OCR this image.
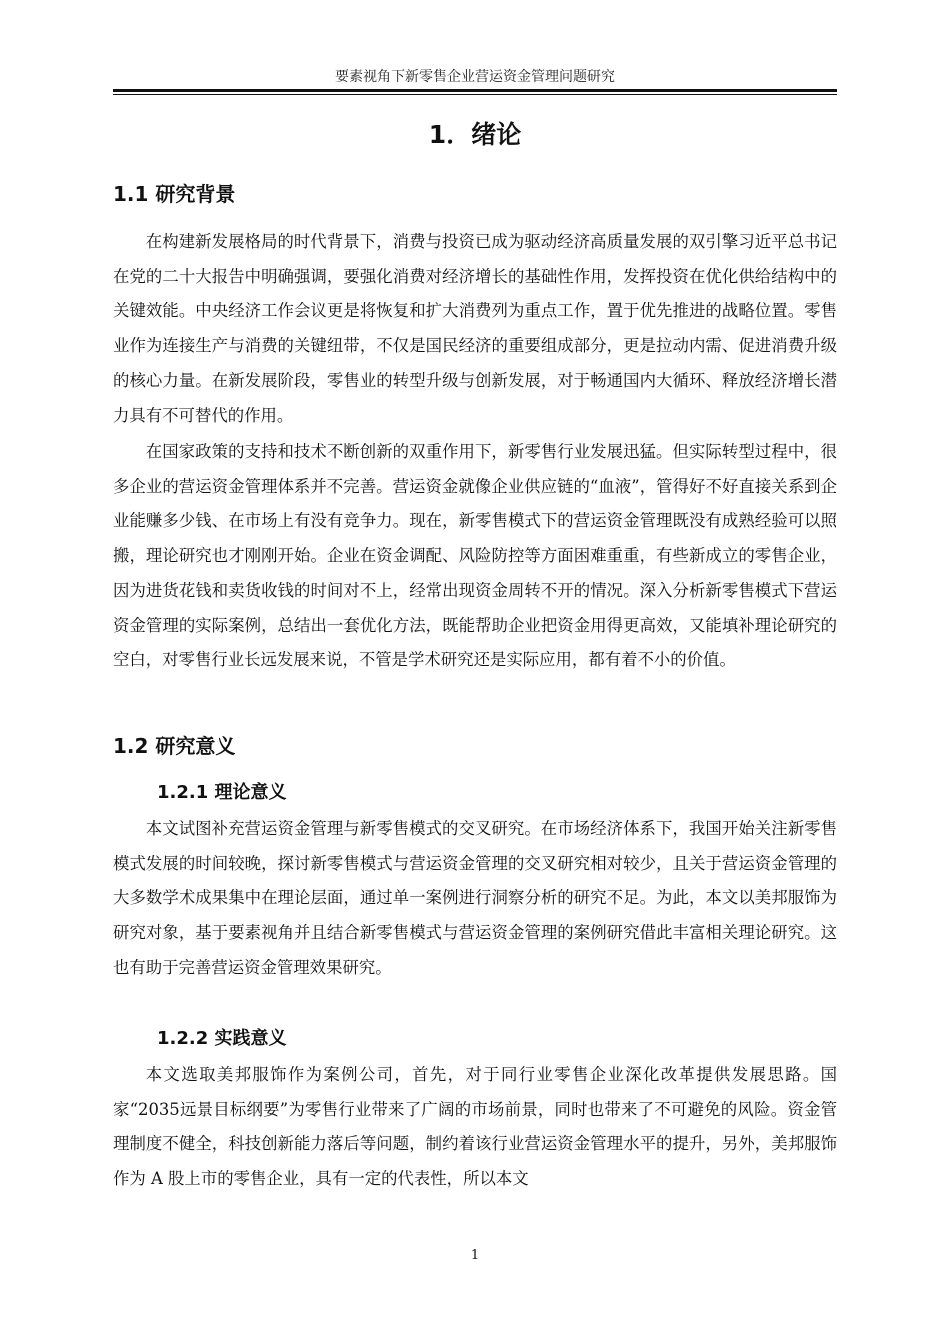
要素视角下新零售企业营运资金管理问题研究
1．绪论
1.1 研究背景

在构建新发展格局的时代背景下，消费与投资已成为驱动经济高质量发展的双引擎习近平总书记在党的二十大报告中明确强调，要强化消费对经济增长的基础性作用，发挥投资在优化供给结构中的关键效能。中央经济工作会议更是将恢复和扩大消费列为重点工作，置于优先推进的战略位置。零售业作为连接生产与消费的关键纽带，不仅是国民经济的重要组成部分，更是拉动内需、促进消费升级的核心力量。在新发展阶段，零售业的转型升级与创新发展，对于畅通国内大循环、释放经济增长潜力具有不可替代的作用。

在国家政策的支持和技术不断创新的双重作用下，新零售行业发展迅猛。但实际转型过程中，很多企业的营运资金管理体系并不完善。营运资金就像企业供应链的“血液”，管得好不好直接关系到企业能赚多少钱、在市场上有没有竞争力。现在，新零售模式下的营运资金管理既没有成熟经验可以照搬，理论研究也才刚刚开始。企业在资金调配、风险防控等方面困难重重，有些新成立的零售企业，因为进货花钱和卖货收钱的时间对不上，经常出现资金周转不开的情况。深入分析新零售模式下营运资金管理的实际案例，总结出一套优化方法，既能帮助企业把资金用得更高效，又能填补理论研究的空白，对零售行业长远发展来说，不管是学术研究还是实际应用，都有着不小的价值。

1.2 研究意义
1.2.1 理论意义

本文试图补充营运资金管理与新零售模式的交叉研究。在市场经济体系下，我国开始关注新零售模式发展的时间较晚，探讨新零售模式与营运资金管理的交叉研究相对较少，且关于营运资金管理的大多数学术成果集中在理论层面，通过单一案例进行洞察分析的研究不足。为此，本文以美邦服饰为研究对象，基于要素视角并且结合新零售模式与营运资金管理的案例研究借此丰富相关理论研究。这也有助于完善营运资金管理效果研究。

1.2.2 实践意义

本文选取美邦服饰作为案例公司，首先，对于同行业零售企业深化改革提供发展思路。国家“2035远景目标纲要”为零售行业带来了广阔的市场前景，同时也带来了不可避免的风险。资金管理制度不健全，科技创新能力落后等问题，制约着该行业营运资金管理水平的提升，另外，美邦服饰作为 A 股上市的零售企业，具有一定的代表性，所以本文

1
